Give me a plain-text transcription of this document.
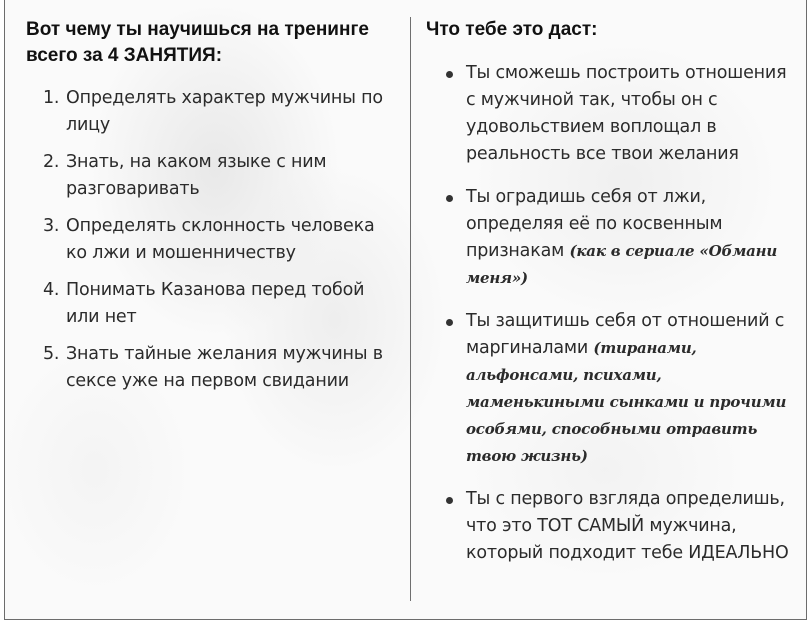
Вот чему ты научишься на тренинге всего за 4 ЗАНЯТИЯ:
1. Определять характер мужчины по лицу
2. Знать, на каком языке с ним разговаривать
3. Определять склонность человека ко лжи и мошенничеству
4. Понимать Казанова перед тобой или нет
5. Знать тайные желания мужчины в сексе уже на первом свидании
Что тебе это даст:
Ты сможешь построить отношения с мужчиной так, чтобы он с удовольствием воплощал в реальность все твои желания
Ты оградишь себя от лжи, определяя её по косвенным признакам (как в сериале «Обмани меня»)
Ты защитишь себя от отношений с маргиналами (тиранами, альфонсами, психами, маменькиными сынками и прочими особями, способными отравить твою жизнь)
Ты с первого взгляда определишь, что это ТОТ САМЫЙ мужчина, который подходит тебе ИДЕАЛЬНО
